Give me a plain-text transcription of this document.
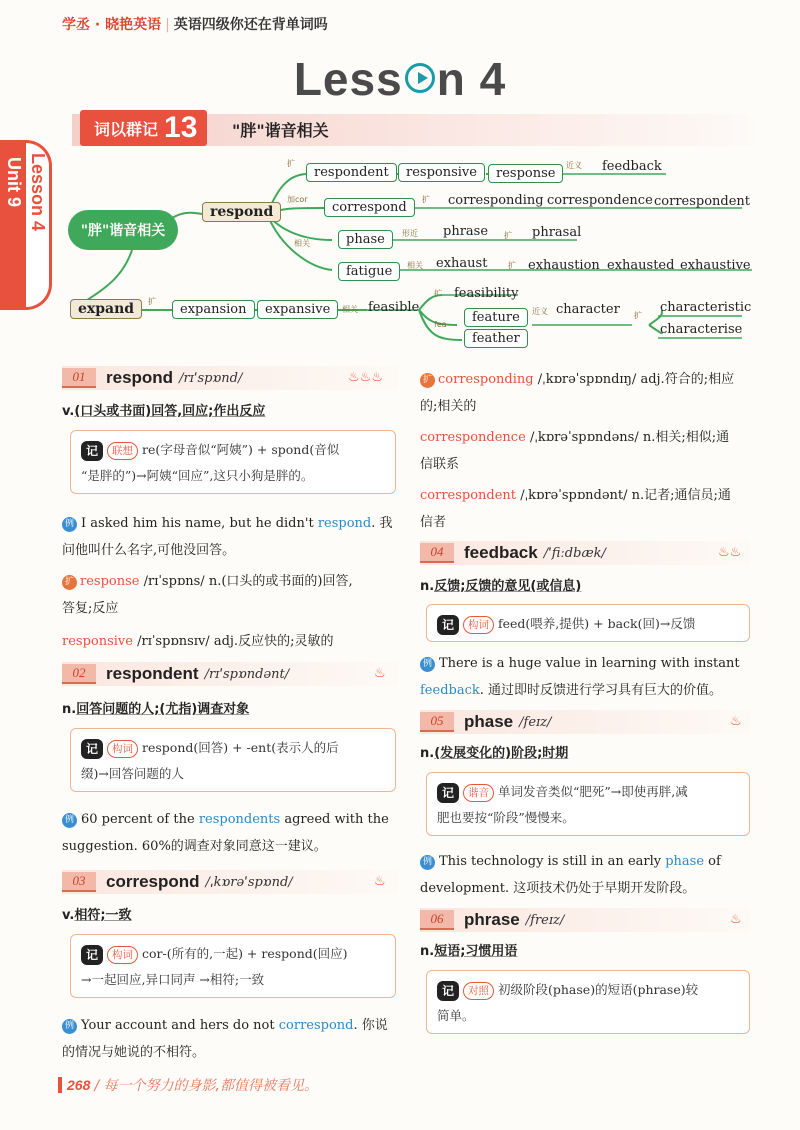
学丞 · 晓艳英语 | 英语四级你还在背单词吗
Less n 4
Unit 9 Lesson 4
词以群记 13 "胖"谐音相关
"胖"谐音相关
respond
expand
respondent	responsive	response
correspond
phase
fatigue
expansion	expansive
feature
feather
feedback
corresponding correspondence correspondent
phrase	phrasal
exhaust	exhaustion exhausted exhaustive
feasible
feasibility
character	characteristic
characterise
扩	近义
加cor	扩
相关
形近	扩
相关	扩
扩
相关
扩
fea
近义	扩
01	respond /rɪˈspɒnd/	♨♨♨
v.(口头或书面)回答,回应;作出反应
记 联想 re(字母音似“阿姨”) + spond(音似
“是胖的”)→阿姨“回应”,这只小狗是胖的。
例 I asked him his name, but he didn't respond. 我
问他叫什么名字,可他没回答。
扩 response /rɪˈspɒns/ n.(口头的或书面的)回答,
答复;反应
responsive /rɪˈspɒnsɪv/ adj.反应快的;灵敏的
02	respondent /rɪˈspɒndənt/	♨
n.回答问题的人;(尤指)调查对象
记 构词 respond(回答) + -ent(表示人的后
缀)→回答问题的人
例 60 percent of the respondents agreed with the
suggestion. 60%的调查对象同意这一建议。
03	correspond /ˌkɒrəˈspɒnd/	♨
v.相符;一致
记 构词 cor-(所有的,一起) + respond(回应)
→一起回应,异口同声 →相符;一致
例 Your account and hers do not correspond. 你说
的情况与她说的不相符。
扩 corresponding /ˌkɒrəˈspɒndɪŋ/ adj.符合的;相应
的;相关的
correspondence /ˌkɒrəˈspɒndəns/ n.相关;相似;通
信联系
correspondent /ˌkɒrəˈspɒndənt/ n.记者;通信员;通
信者
04	feedback /ˈfiːdbæk/	♨♨
n.反馈;反馈的意见(或信息)
记 构词 feed(喂养,提供) + back(回)→反馈
例 There is a huge value in learning with instant
feedback. 通过即时反馈进行学习具有巨大的价值。
05	phase /feɪz/	♨
n.(发展变化的)阶段;时期
记 谐音 单词发音类似“肥死”→即使再胖,减
肥也要按“阶段”慢慢来。
例 This technology is still in an early phase of
development. 这项技术仍处于早期开发阶段。
06	phrase /freɪz/	♨
n.短语;习惯用语
记 对照 初级阶段(phase)的短语(phrase)较
简单。
268 / 每一个努力的身影,都值得被看见。
